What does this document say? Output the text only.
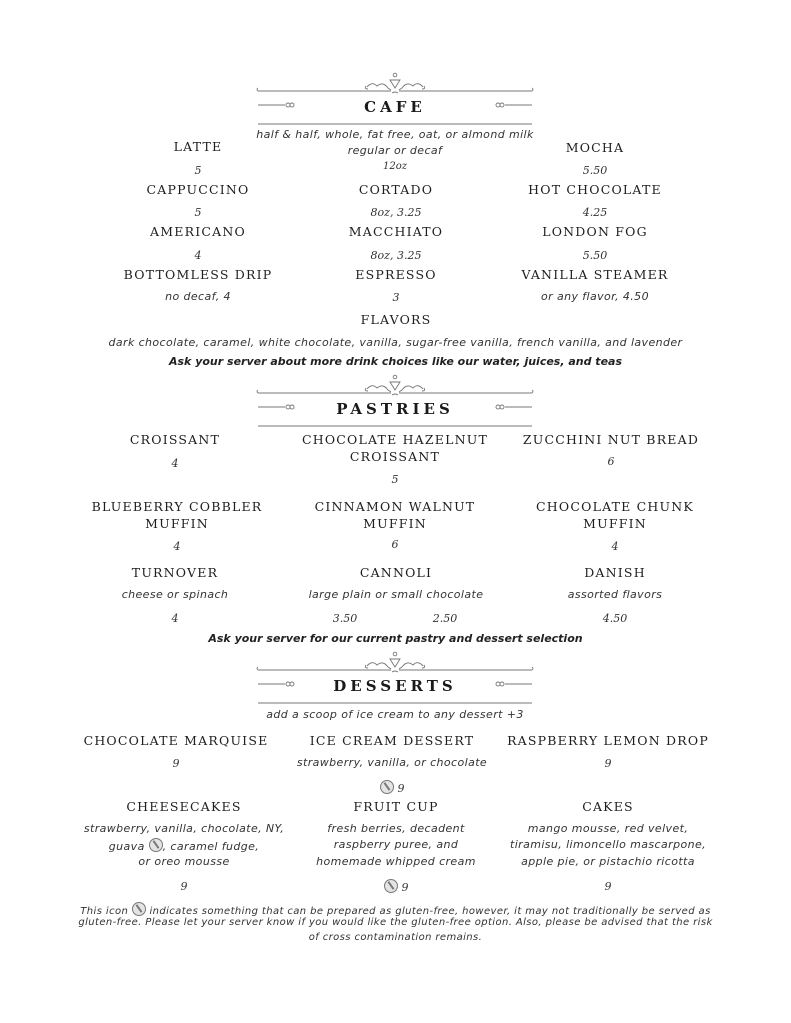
CAFE
half & half, whole, fat free, oat, or almond milk
regular or decaf
12oz
LATTE
5
CAPPUCCINO
5
AMERICANO
4
BOTTOMLESS DRIP
no decaf, 4
CORTADO
8oz, 3.25
MACCHIATO
8oz, 3.25
ESPRESSO
3
FLAVORS
MOCHA
5.50
HOT CHOCOLATE
4.25
LONDON FOG
5.50
VANILLA STEAMER
or any flavor, 4.50
dark chocolate, caramel, white chocolate, vanilla, sugar-free vanilla, french vanilla, and lavender
Ask your server about more drink choices like our water, juices, and teas
PASTRIES
CROISSANT
4
CHOCOLATE HAZELNUT CROISSANT
5
ZUCCHINI NUT BREAD
6
BLUEBERRY COBBLER MUFFIN
4
CINNAMON WALNUT MUFFIN
6
CHOCOLATE CHUNK MUFFIN
4
TURNOVER
cheese or spinach
4
CANNOLI
large plain or small chocolate
3.50	2.50
DANISH
assorted flavors
4.50
Ask your server for our current pastry and dessert selection
DESSERTS
add a scoop of ice cream to any dessert +3
CHOCOLATE MARQUISE
9
ICE CREAM DESSERT
strawberry, vanilla, or chocolate
9
RASPBERRY LEMON DROP
9
CHEESECAKES
strawberry, vanilla, chocolate, NY,
guava , caramel fudge,
or oreo mousse
9
FRUIT CUP
fresh berries, decadent
raspberry puree, and
homemade whipped cream
9
CAKES
mango mousse, red velvet,
tiramisu, limoncello mascarpone,
apple pie, or pistachio ricotta
9
This icon indicates something that can be prepared as gluten-free, however, it may not traditionally be served as
gluten-free. Please let your server know if you would like the gluten-free option. Also, please be advised that the risk
of cross contamination remains.
